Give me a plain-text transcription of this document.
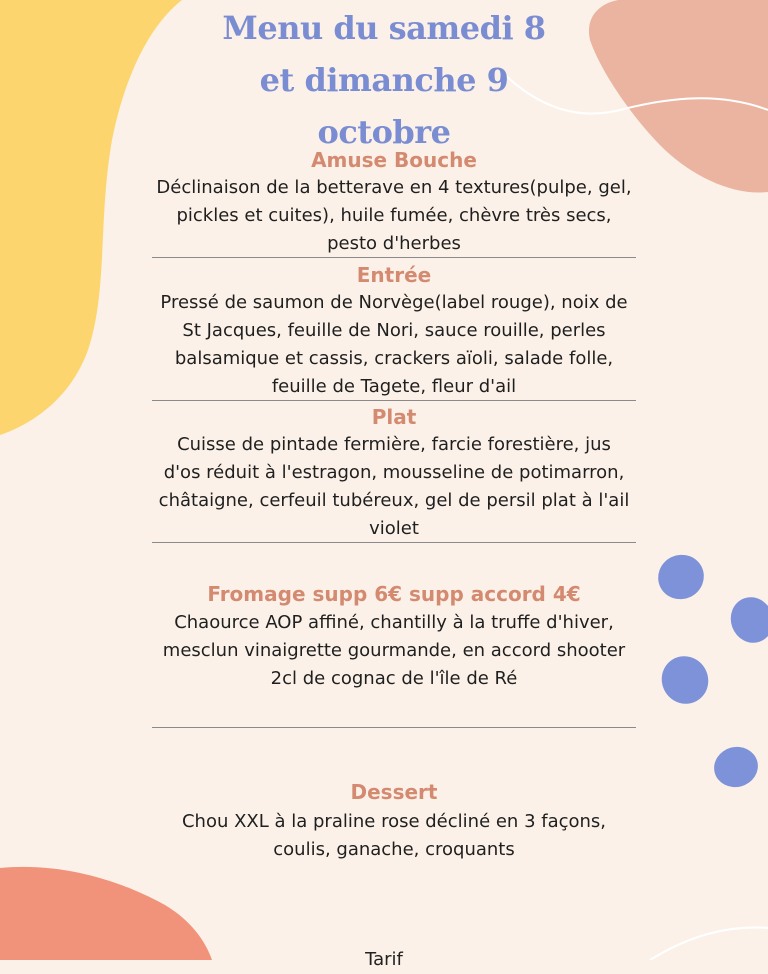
Menu du samedi 8
et dimanche 9
octobre
Amuse Bouche
Déclinaison de la betterave en 4 textures(pulpe, gel,
pickles et cuites), huile fumée, chèvre très secs,
pesto d'herbes
Entrée
Pressé de saumon de Norvège(label rouge), noix de
St Jacques, feuille de Nori, sauce rouille, perles
balsamique et cassis, crackers aïoli, salade folle,
feuille de Tagete, fleur d'ail
Plat
Cuisse de pintade fermière, farcie forestière, jus
d'os réduit à l'estragon, mousseline de potimarron,
châtaigne, cerfeuil tubéreux, gel de persil plat à l'ail
violet
Fromage supp 6€ supp accord 4€
Chaource AOP affiné, chantilly à la truffe d'hiver,
mesclun vinaigrette gourmande, en accord shooter
2cl de cognac de l'île de Ré
Dessert
Chou XXL à la praline rose décliné en 3 façons,
coulis, ganache, croquants
Tarif
